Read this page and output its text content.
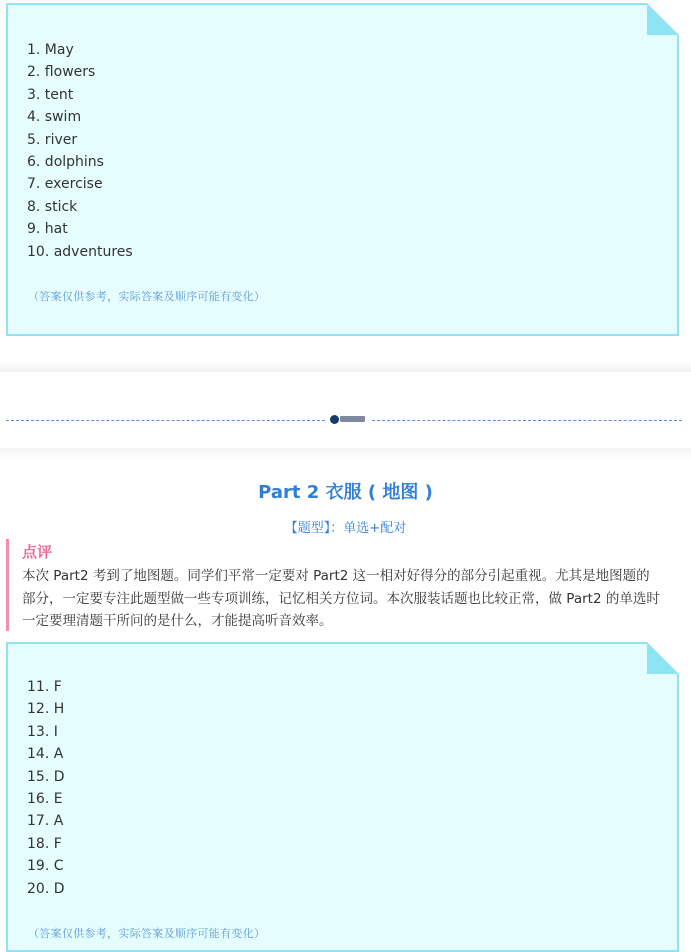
1. May
2. flowers
3. tent
4. swim
5. river
6. dolphins
7. exercise
8. stick
9. hat
10. adventures
（答案仅供参考，实际答案及顺序可能有变化）
Part 2 衣服 ( 地图 )
【题型】：单选+配对
点评
本次 Part2 考到了地图题。同学们平常一定要对 Part2 这一相对好得分的部分引起重视。尤其是地图题的部分，一定要专注此题型做一些专项训练，记忆相关方位词。本次服装话题也比较正常，做 Part2 的单选时一定要理清题干所问的是什么，才能提高听音效率。
11. F
12. H
13. I
14. A
15. D
16. E
17. A
18. F
19. C
20. D
（答案仅供参考，实际答案及顺序可能有变化）
